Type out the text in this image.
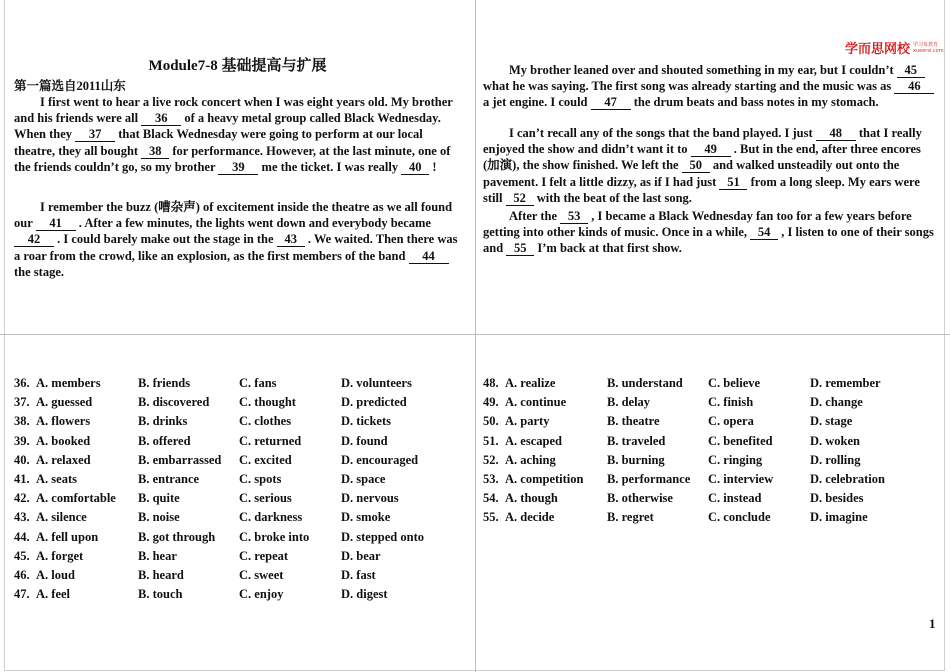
Module7-8 基础提高与扩展
第一篇选自2011山东
学而思网校 学习每教育
xueersi.com

I first went to hear a live rock concert when I was eight years old. My brother and his friends were all 36 of a heavy metal group called Black Wednesday. When they 37 that Black Wednesday were going to perform at our local theatre, they all bought 38 for performance. However, at the last minute, one of the friends couldn’t go, so my brother 39 me the ticket. I was really 40 !

I remember the buzz (嘈杂声) of excitement inside the theatre as we all found our 41 . After a few minutes, the lights went down and everybody became 42 . I could barely make out the stage in the 43 . We waited. Then there was a roar from the crowd, like an explosion, as the first members of the band 44 the stage.

My brother leaned over and shouted something in my ear, but I couldn’t 45 what he was saying. The first song was already starting and the music was as 46 a jet engine. I could 47 the drum beats and bass notes in my stomach.

I can’t recall any of the songs that the band played. I just 48 that I really enjoyed the show and didn’t want it to 49 . But in the end, after three encores (加演), the show finished. We left the 50 and walked unsteadily out onto the pavement. I felt a little dizzy, as if I had just 51 from a long sleep. My ears were still 52 with the beat of the last song.

After the 53 , I became a Black Wednesday fan too for a few years before getting into other kinds of music. Once in a while, 54 , I listen to one of their songs and 55 I’m back at that first show.

36. A. members	B. friends	C. fans	D. volunteers
37. A. guessed	B. discovered C. thought	D. predicted
38. A. flowers	B. drinks	C. clothes	D. tickets
39. A. booked	B. offered	C. returned	D. found
40. A. relaxed	B. embarrassed C. excited	D. encouraged
41. A. seats	B. entrance	C. spots	D. space
42. A. comfortable B. quite	C. serious	D. nervous
43. A. silence	B. noise	C. darkness	D. smoke
44. A. fell upon	B. got through C. broke into	D. stepped onto
45. A. forget	B. hear	C. repeat	D. bear
46. A. loud	B. heard	C. sweet	D. fast
47. A. feel	B. touch	C. enjoy	D. digest
48. A. realize	B. understand C. believe	D. remember
49. A. continue	B. delay	C. finish	D. change
50. A. party	B. theatre	C. opera	D. stage
51. A. escaped	B. traveled	C. benefited	D. woken
52. A. aching	B. burning	C. ringing	D. rolling
53. A. competition B. performance C. interview	D. celebration
54. A. though	B. otherwise	C. instead	D. besides
55. A. decide	B. regret	C. conclude	D. imagine
1
